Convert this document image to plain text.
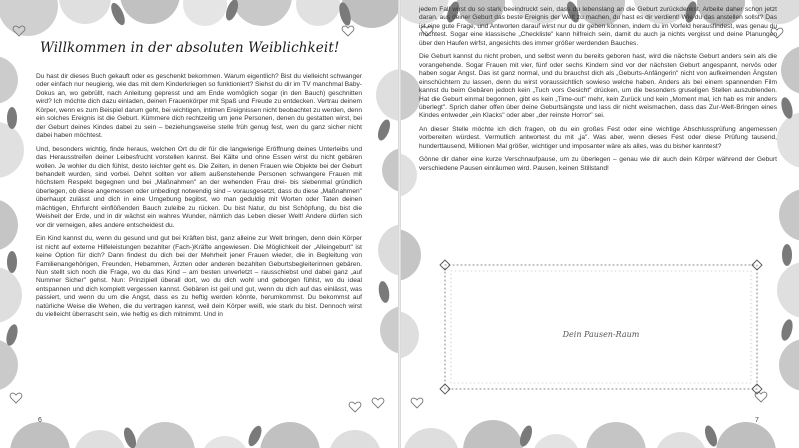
Willkommen in der absoluten Weiblichkeit!

Du hast dir dieses Buch gekauft oder es geschenkt bekommen. Warum eigentlich? Bist du vielleicht schwanger oder einfach nur neugierig, wie das mit dem Kinderkriegen so funktioniert? Siehst du dir im TV manchmal Baby-Dokus an, wo gebrüllt, nach Anleitung gepresst und am Ende womöglich sogar (in den Bauch) geschnitten wird? Ich möchte dich dazu einladen, deinen Frauenkörper mit Spaß und Freude zu entdecken. Vertrau deinem Körper, wenn es zum Beispiel darum geht, bei wichtigen, intimen Ereignissen nicht beobachtet zu werden, denn ein solches Ereignis ist die Geburt. Kümmere dich rechtzeitig um jene Personen, denen du gestatten wirst, bei der Geburt deines Kindes dabei zu sein – beziehungsweise stelle früh genug fest, wen du ganz sicher nicht dabei haben möchtest.

Und, besonders wichtig, finde heraus, welchen Ort du dir für die langwierige Eröffnung deines Unterleibs und das Herausstreifen deiner Leibesfrucht vorstellen kannst. Bei Kälte und ohne Essen wirst du nicht gebären wollen. Je wohler du dich fühlst, desto leichter geht es. Die Zeiten, in denen Frauen wie Objekte bei der Geburt behandelt wurden, sind vorbei. Dehnt sollten vor allem außenstehende Personen schwangere Frauen mit höchstem Respekt begegnen und bei „Maßnahmen" an der wehenden Frau drei- bis siebenmal gründlich überlegen, ob diese angemessen oder unbedingt notwendig sind – vorausgesetzt, dass du diese „Maßnahmen" überhaupt zulässt und dich in eine Umgebung begibst, wo man geduldig mit Worten oder Taten deinen mächtigen, Ehrfurcht einflößenden Bauch zuleibe zu rücken. Du bist Natur, du bist Schöpfung, du bist die Weisheit der Erde, und in dir wächst ein wahres Wunder, nämlich das Leben dieser Welt! Andere dürfen sich vor dir verneigen, alles andere entscheidest du.

Ein Kind kannst du, wenn du gesund und gut bei Kräften bist, ganz alleine zur Welt bringen, denn dein Körper ist nicht auf externe Hilfeleistungen bezahlter (Fach-)Kräfte angewiesen. Die Möglichkeit der „Alleingeburt" ist keine Option für dich? Dann findest du dich bei der Mehrheit jener Frauen wieder, die in Begleitung von Familienangehörigen, Freunden, Hebammen, Ärzten oder anderen bezahlten Geburtsbegleiterinnen gebären. Nun stellt sich noch die Frage, wo du das Kind – am besten unverletzt – rausschiebst und dabei ganz „auf Nummer Sicher" gehst. Nun: Prinzipiell überall dort, wo du dich wohl und geborgen fühlst, wo du ideal entspannen und dich komplett vergessen kannst. Gebären ist geil und gut, wenn du dich auf das einlässt, was passiert, und wenn du um die Angst, dass es zu heftig werden könnte, herumkommst. Du bekommst auf natürliche Weise die Wehen, die du vertragen kannst, weil dein Körper weiß, wie stark du bist. Dennoch wirst du vielleicht überrascht sein, wie heftig es dich mitnimmt. Und in

6

jedem Fall wirst du so stark beeindruckt sein, dass du lebenslang an die Geburt zurückdenkst. Arbeite daher schon jetzt daran, aus deiner Geburt das beste Ereignis der Welt zu machen, du hast es dir verdient! Wie du das anstellen sollst? Das ist eine gute Frage, und Antworten darauf wirst nur du dir geben können, indem du im Vorfeld herausfindest, was genau du möchtest. Sogar eine klassische „Checkliste" kann hilfreich sein, damit du auch ja nichts vergisst und deine Planungen über den Haufen wirfst, angesichts des immer größer werdenden Bauches.

Die Geburt kannst du nicht proben, und selbst wenn du bereits geboren hast, wird die nächste Geburt anders sein als die vorangehende. Sogar Frauen mit vier, fünf oder sechs Kindern sind vor der nächsten Geburt angespannt, nervös oder haben sogar Angst. Das ist ganz normal, und du brauchst dich als „Geburts-Anfängerin" nicht von aufkeimenden Ängsten einschüchtern zu lassen, denn du wirst voraussichtlich sowieso welche haben. Anders als bei einem spannenden Film kannst du beim Gebären jedoch kein „Tuch vors Gesicht" drücken, um die besonders gruseligen Stellen auszublenden. Hat die Geburt einmal begonnen, gibt es kein „Time-out" mehr, kein Zurück und kein „Moment mal, ich hab es mir anders überlegt". Sprich daher offen über deine Geburtsängste und lass dir nicht weismachen, dass das Zur-Welt-Bringen eines Kindes entweder „ein Klacks" oder aber „der reinste Horror" sei.

An dieser Stelle möchte ich dich fragen, ob du ein großes Fest oder eine wichtige Abschlussprüfung angemessen vorbereiten würdest. Vermutlich antwortest du mit „ja". Was aber, wenn dieses Fest oder diese Prüfung tausend, hunderttausend, Millionen Mal größer, wichtiger und imposanter wäre als alles, was du bisher kanntest?

Gönne dir daher eine kurze Verschnaufpause, um zu überlegen – genau wie dir auch dein Körper während der Geburt verschiedene Pausen einräumen wird. Pausen, keinen Stillstand!

Dein Pausen-Raum
7
